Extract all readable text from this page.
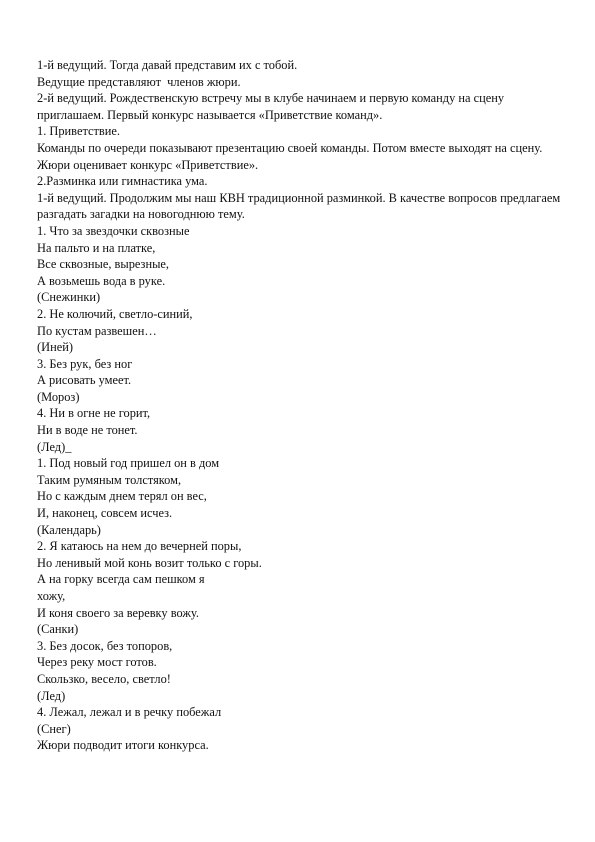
1-й ведущий. Тогда давай представим их с тобой.
Ведущие представляют  членов жюри.
2-й ведущий. Рождественскую встречу мы в клубе начинаем и первую команду на сцену приглашаем. Первый конкурс называется «Приветствие команд».
1. Приветствие.
Команды по очереди показывают презентацию своей команды. Потом вместе выходят на сцену.
Жюри оценивает конкурс «Приветствие».
2.Разминка или гимнастика ума.
1-й ведущий. Продолжим мы наш КВН традиционной разминкой. В качестве вопросов предлагаем разгадать загадки на новогоднюю тему.
1. Что за звездочки сквозные
На пальто и на платке,
Все сквозные, вырезные,
А возьмешь вода в руке.
(Снежинки)
2. Не колючий, светло-синий,
По кустам развешен…
(Иней)
3. Без рук, без ног
А рисовать умеет.
(Мороз)
4. Ни в огне не горит,
Ни в воде не тонет.
(Лед)_
1. Под новый год пришел он в дом
Таким румяным толстяком,
Но с каждым днем терял он вес,
И, наконец, совсем исчез.
(Календарь)
2. Я катаюсь на нем до вечерней поры,
Но ленивый мой конь возит только с горы.
А на горку всегда сам пешком я
хожу,
И коня своего за веревку вожу.
(Санки)
3. Без досок, без топоров,
Через реку мост готов.
Скользко, весело, светло!
(Лед)
4. Лежал, лежал и в речку побежал
(Снег)
Жюри подводит итоги конкурса.
